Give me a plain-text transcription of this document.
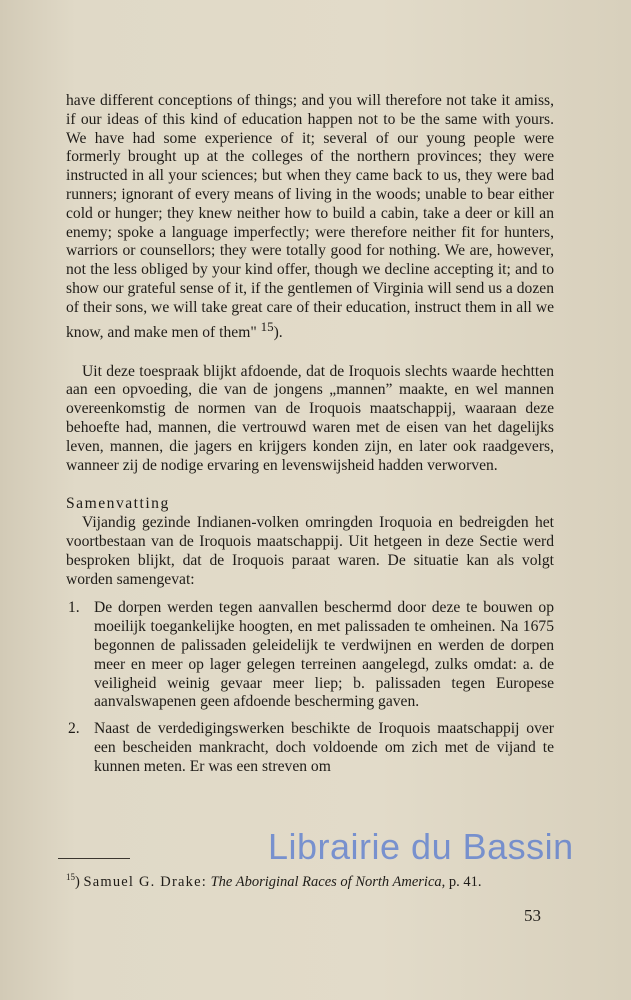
have different conceptions of things; and you will therefore not take it amiss, if our ideas of this kind of education happen not to be the same with yours. We have had some experience of it; several of our young people were formerly brought up at the colleges of the northern provinces; they were instructed in all your sciences; but when they came back to us, they were bad runners; ignorant of every means of living in the woods; unable to bear either cold or hunger; they knew neither how to build a cabin, take a deer or kill an enemy; spoke a language imperfectly; were therefore neither fit for hunters, warriors or counsellors; they were totally good for nothing. We are, however, not the less obliged by your kind offer, though we decline accepting it; and to show our grateful sense of it, if the gentlemen of Virginia will send us a dozen of their sons, we will take great care of their education, instruct them in all we know, and make men of them" $^{15}$).

Uit deze toespraak blijkt afdoende, dat de Iroquois slechts waarde hechtten aan een opvoeding, die van de jongens „mannen” maakte, en wel mannen overeenkomstig de normen van de Iroquois maatschappij, waaraan deze behoefte had, mannen, die vertrouwd waren met de eisen van het dagelijks leven, mannen, die jagers en krijgers konden zijn, en later ook raadgevers, wanneer zij de nodige ervaring en levenswijsheid hadden verworven.

Samenvatting

Vijandig gezinde Indianen-volken omringden Iroquoia en bedreigden het voortbestaan van de Iroquois maatschappij. Uit hetgeen in deze Sectie werd besproken blijkt, dat de Iroquois paraat waren. De situatie kan als volgt worden samengevat:

1. De dorpen werden tegen aanvallen beschermd door deze te bouwen op moeilijk toegankelijke hoogten, en met palissaden te omheinen. Na 1675 begonnen de palissaden geleidelijk te verdwijnen en werden de dorpen meer en meer op lager gelegen terreinen aangelegd, zulks omdat: a. de veiligheid weinig gevaar meer liep; b. palissaden tegen Europese aanvalswapenen geen afdoende bescherming gaven.
2. Naast de verdedigingswerken beschikte de Iroquois maatschappij over een bescheiden mankracht, doch voldoende om zich met de vijand te kunnen meten. Er was een streven om
$^{15}$) Samuel G. Drake: The Aboriginal Races of North America, p. 41.
53
Librairie du Bassin
